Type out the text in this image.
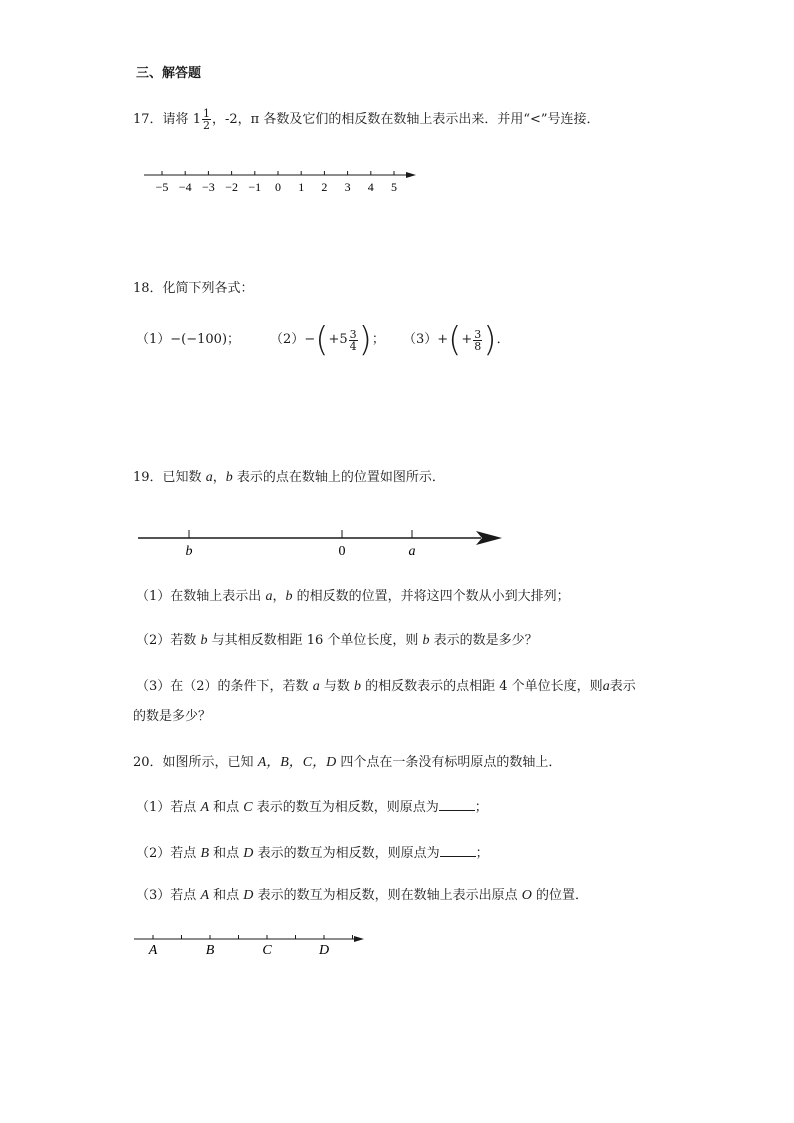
三、解答题
17．请将 $1 \frac{1}{2}$ ，-2，π 各数及它们的相反数在数轴上表示出来．并用“<”号连接．
−5 −4 −3 −2 −1 0 1 2 3 4 5
18．化简下列各式：
（1） −(−100)； （2） − ( $+5 \frac{3}{4}$ ) ； （3） + ( + $\frac{3}{8}$ ) ．
19．已知数 a，b 表示的点在数轴上的位置如图所示．
b	0	a
（1）在数轴上表示出 a，b 的相反数的位置，并将这四个数从小到大排列；
（2）若数 b 与其相反数相距 16 个单位长度，则 b 表示的数是多少？
（3）在（2）的条件下，若数 a 与数 b 的相反数表示的点相距 4 个单位长度，则a表示
的数是多少？
20．如图所示，已知 A，B，C，D 四个点在一条没有标明原点的数轴上．
（1）若点 A 和点 C 表示的数互为相反数，则原点为	；
（2）若点 B 和点 D 表示的数互为相反数，则原点为	；
（3）若点 A 和点 D 表示的数互为相反数，则在数轴上表示出原点 O 的位置．
A	B	C	D
